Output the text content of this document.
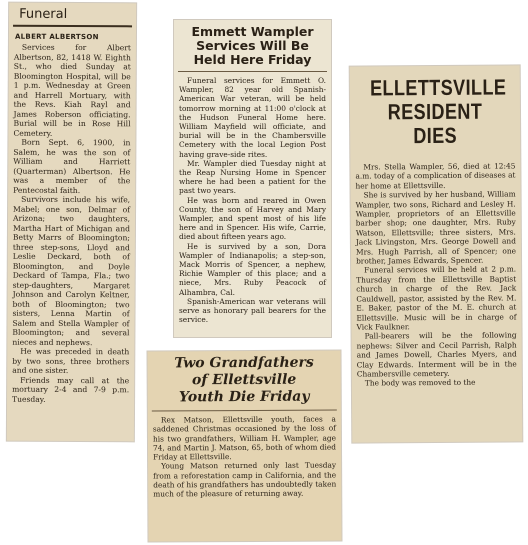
Funeral
ALBERT ALBERTSON

Services for Albert Albertson, 82, 1418 W. Eighth St., who died Sunday at Bloomington Hospital, will be 1 p.m. Wednesday at Green and Harrell Mortuary, with the Revs. Kiah Rayl and James Roberson officiating. Burial will be in Rose Hill Cemetery.

Born Sept. 6, 1900, in Salem, he was the son of William and Harriett (Quarterman) Albertson. He was a member of the Pentecostal faith.

Survivors include his wife, Mabel; one son, Delmar of Arizona; two daughters, Martha Hart of Michigan and Betty Marrs of Bloomington; three step-sons, Lloyd and Leslie Deckard, both of Bloomington, and Doyle Deckard of Tampa, Fla.; two step-daughters, Margaret Johnson and Carolyn Keltner, both of Bloomington; two sisters, Lenna Martin of Salem and Stella Wampler of Bloomington; and several nieces and nephews.

He was preceded in death by two sons, three brothers and one sister.

Friends may call at the mortuary 2-4 and 7-9 p.m. Tuesday.

Emmett Wampler Services Will Be Held Here Friday

Funeral services for Emmett O. Wampler, 82 year old Spanish-American War veteran, will be held tomorrow morning at 11:00 o'clock at the Hudson Funeral Home here. William Mayfield will officiate, and burial will be in the Chambersville Cemetery with the local Legion Post having grave-side rites.

Mr. Wampler died Tuesday night at the Reap Nursing Home in Spencer where he had been a patient for the past two years.

He was born and reared in Owen County, the son of Harvey and Mary Wampler, and spent most of his life here and in Spencer. His wife, Carrie, died about fifteen years ago.

He is survived by a son, Dora Wampler of Indianapolis; a step-son, Mack Morris of Spencer, a nephew, Richie Wampler of this place; and a niece, Mrs. Ruby Peacock of Alhambra, Cal.

Spanish-American war veterans will serve as honorary pall bearers for the service.

ELLETTSVILLE
RESIDENT DIES

Mrs. Stella Wampler, 56, died at 12:45 a.m. today of a complication of diseases at her home at Ellettsville.

She is survived by her husband, William Wampler, two sons, Richard and Lesley H. Wampler, proprietors of an Ellettsville barber shop; one daughter, Mrs. Ruby Watson, Ellettsville; three sisters, Mrs. Jack Livingston, Mrs. George Dowell and Mrs. Hugh Parrish, all of Spencer; one brother, James Edwards, Spencer.

Funeral services will be held at 2 p.m. Thursday from the Ellettsville Baptist church in charge of the Rev. Jack Cauldwell, pastor, assisted by the Rev. M. E. Baker, pastor of the M. E. church at Ellettsville. Music will be in charge of Vick Faulkner.

Pall-bearers will be the following nephews: Silver and Cecil Parrish, Ralph and James Dowell, Charles Myers, and Clay Edwards. Interment will be in the Chambersville cemetery.

The body was removed to the

Two Grandfathers
of Ellettsville
Youth Die Friday

Rex Matson, Ellettsville youth, faces a saddened Christmas occasioned by the loss of his two grandfathers, William H. Wampler, age 74, and Martin J. Matson, 65, both of whom died Friday at Ellettsville.

Young Matson returned only last Tuesday from a reforestation camp in California, and the death of his grandfathers has undoubtedly taken much of the pleasure of returning away.
